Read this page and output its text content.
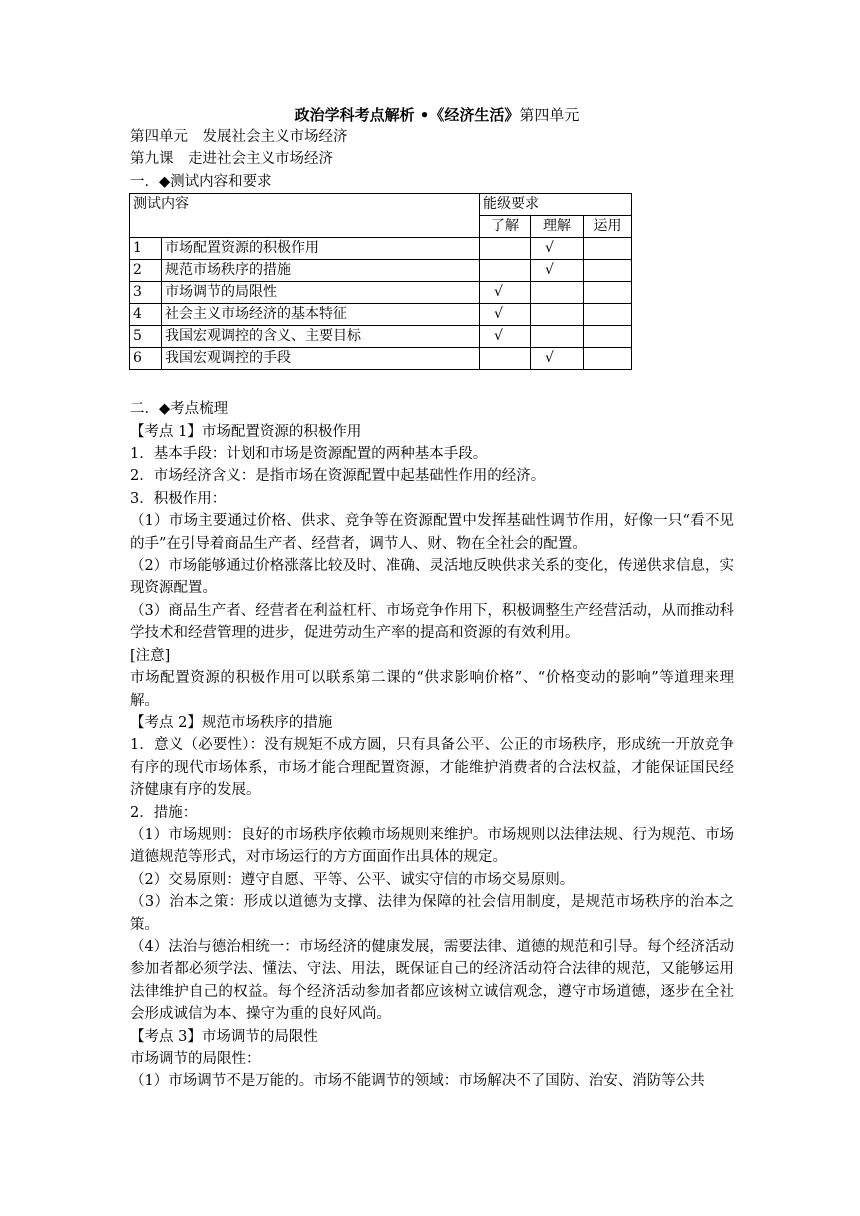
政治学科考点解析 •《经济生活》第四单元
第四单元　发展社会主义市场经济
第九课　走进社会主义市场经济
一．◆测试内容和要求
测试内容		能级要求		
		了解	理解	运用
1	市场配置资源的积极作用		√	
2	规范市场秩序的措施		√	
3	市场调节的局限性	√		
4	社会主义市场经济的基本特征	√		
5	我国宏观调控的含义、主要目标	√		
6	我国宏观调控的手段		√	
二．◆考点梳理
【考点 1】市场配置资源的积极作用
1．基本手段：计划和市场是资源配置的两种基本手段。
2．市场经济含义：是指市场在资源配置中起基础性作用的经济。
3．积极作用：
（1）市场主要通过价格、供求、竞争等在资源配置中发挥基础性调节作用，好像一只“看不见的手”在引导着商品生产者、经营者，调节人、财、物在全社会的配置。
（2）市场能够通过价格涨落比较及时、准确、灵活地反映供求关系的变化，传递供求信息，实现资源配置。
（3）商品生产者、经营者在利益杠杆、市场竞争作用下，积极调整生产经营活动，从而推动科学技术和经营管理的进步，促进劳动生产率的提高和资源的有效利用。
[注意]
市场配置资源的积极作用可以联系第二课的“供求影响价格”、“价格变动的影响”等道理来理解。
【考点 2】规范市场秩序的措施
1．意义（必要性）：没有规矩不成方圆，只有具备公平、公正的市场秩序，形成统一开放竞争有序的现代市场体系，市场才能合理配置资源，才能维护消费者的合法权益，才能保证国民经济健康有序的发展。
2．措施：
（1）市场规则：良好的市场秩序依赖市场规则来维护。市场规则以法律法规、行为规范、市场道德规范等形式，对市场运行的方方面面作出具体的规定。
（2）交易原则：遵守自愿、平等、公平、诚实守信的市场交易原则。
（3）治本之策：形成以道德为支撑、法律为保障的社会信用制度，是规范市场秩序的治本之策。
（4）法治与德治相统一：市场经济的健康发展，需要法律、道德的规范和引导。每个经济活动参加者都必须学法、懂法、守法、用法，既保证自己的经济活动符合法律的规范，又能够运用法律维护自己的权益。每个经济活动参加者都应该树立诚信观念，遵守市场道德，逐步在全社会形成诚信为本、操守为重的良好风尚。
【考点 3】市场调节的局限性
市场调节的局限性：
（1）市场调节不是万能的。市场不能调节的领域：市场解决不了国防、治安、消防等公共
